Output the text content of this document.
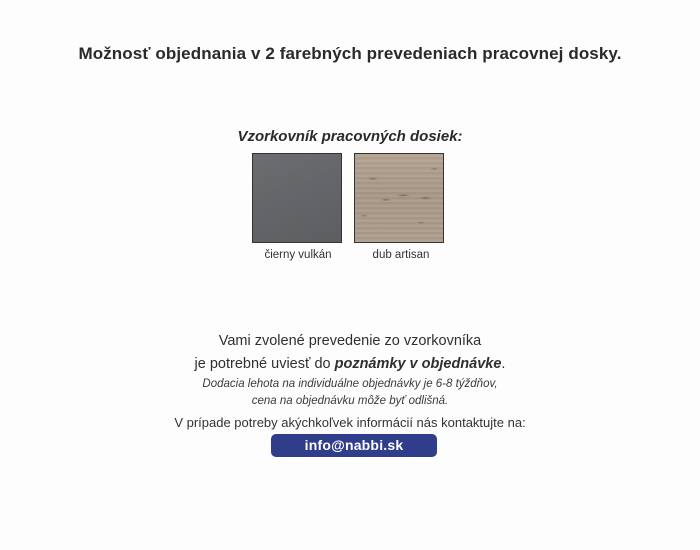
Možnosť objednania v 2 farebných prevedeniach pracovnej dosky.
Vzorkovník pracovných dosiek:
čierny vulkán	dub artisan
Vami zvolené prevedenie zo vzorkovníka
je potrebné uviesť do poznámky v objednávke.
Dodacia lehota na individuálne objednávky je 6-8 týždňov,
cena na objednávku môže byť odlišná.
V prípade potreby akýchkoľvek informácií nás kontaktujte na:
info@nabbi.sk
